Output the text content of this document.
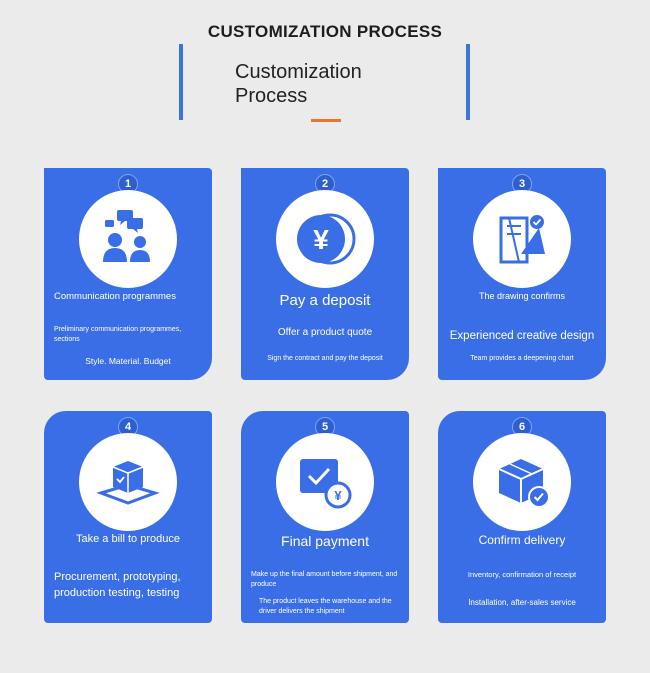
CUSTOMIZATION PROCESS
Customization
Process
1
Communication programmes
Preliminary communication programmes, sections
Style. Material. Budget
2
¥
Pay a deposit
Offer a product quote
Sign the contract and pay the deposit
3
The drawing confirms
Experienced creative design
Team provides a deepening chart
4
Take a bill to produce
Procurement, prototyping, production testing, testing
5
¥
Final payment
Make up the final amount before shipment, and produce
The product leaves the warehouse and the driver delivers the shipment
6
Confirm delivery
Inventory, confirmation of receipt
Installation, after-sales service
